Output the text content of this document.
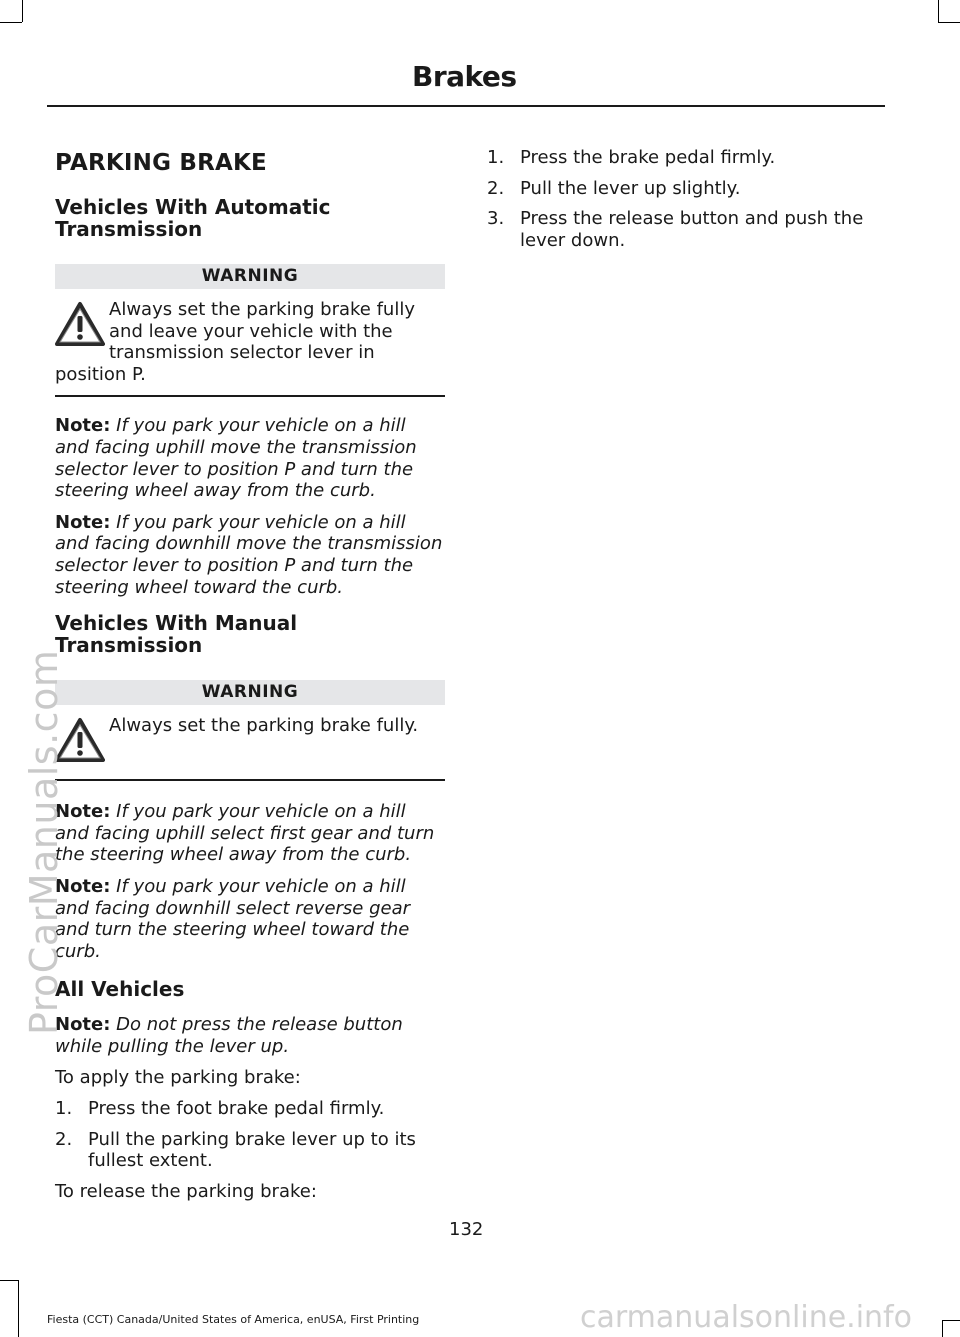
Brakes
PARKING BRAKE
Vehicles With Automatic Transmission
WARNING
Always set the parking brake fully and leave your vehicle with the transmission selector lever in position P.

Note: If you park your vehicle on a hill and facing uphill move the transmission selector lever to position P and turn the steering wheel away from the curb.

Note: If you park your vehicle on a hill and facing downhill move the transmission selector lever to position P and turn the steering wheel toward the curb.

Vehicles With Manual Transmission
WARNING
Always set the parking brake fully.

Note: If you park your vehicle on a hill and facing uphill select first gear and turn the steering wheel away from the curb.

Note: If you park your vehicle on a hill and facing downhill select reverse gear and turn the steering wheel toward the curb.

All Vehicles

Note: Do not press the release button while pulling the lever up.

To apply the parking brake:

1. Press the foot brake pedal firmly.
2. Pull the parking brake lever up to its fullest extent.

To release the parking brake:

1. Press the brake pedal firmly.
2. Pull the lever up slightly.
3. Press the release button and push the lever down.
132
Fiesta (CCT) Canada/United States of America, enUSA, First Printing
ProCarManuals.com
carmanualsonline.info
